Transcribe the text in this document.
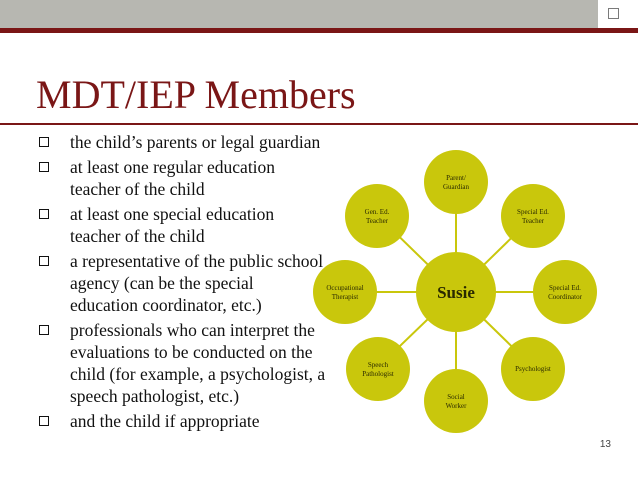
MDT/IEP Members
the child’s parents or legal guardian
at least one regular education teacher of the child
at least one special education teacher of the child
a representative of the public school agency (can be the special education coordinator, etc.)
professionals who can interpret the evaluations to be conducted on the child (for example, a psychologist, a speech pathologist, etc.)
and the child if appropriate
Susie
Parent/ Guardian
Special Ed. Teacher
Special Ed. Coordinator
Psychologist
Social Worker
Speech Pathologist
Occupational Therapist
Gen. Ed. Teacher
13
